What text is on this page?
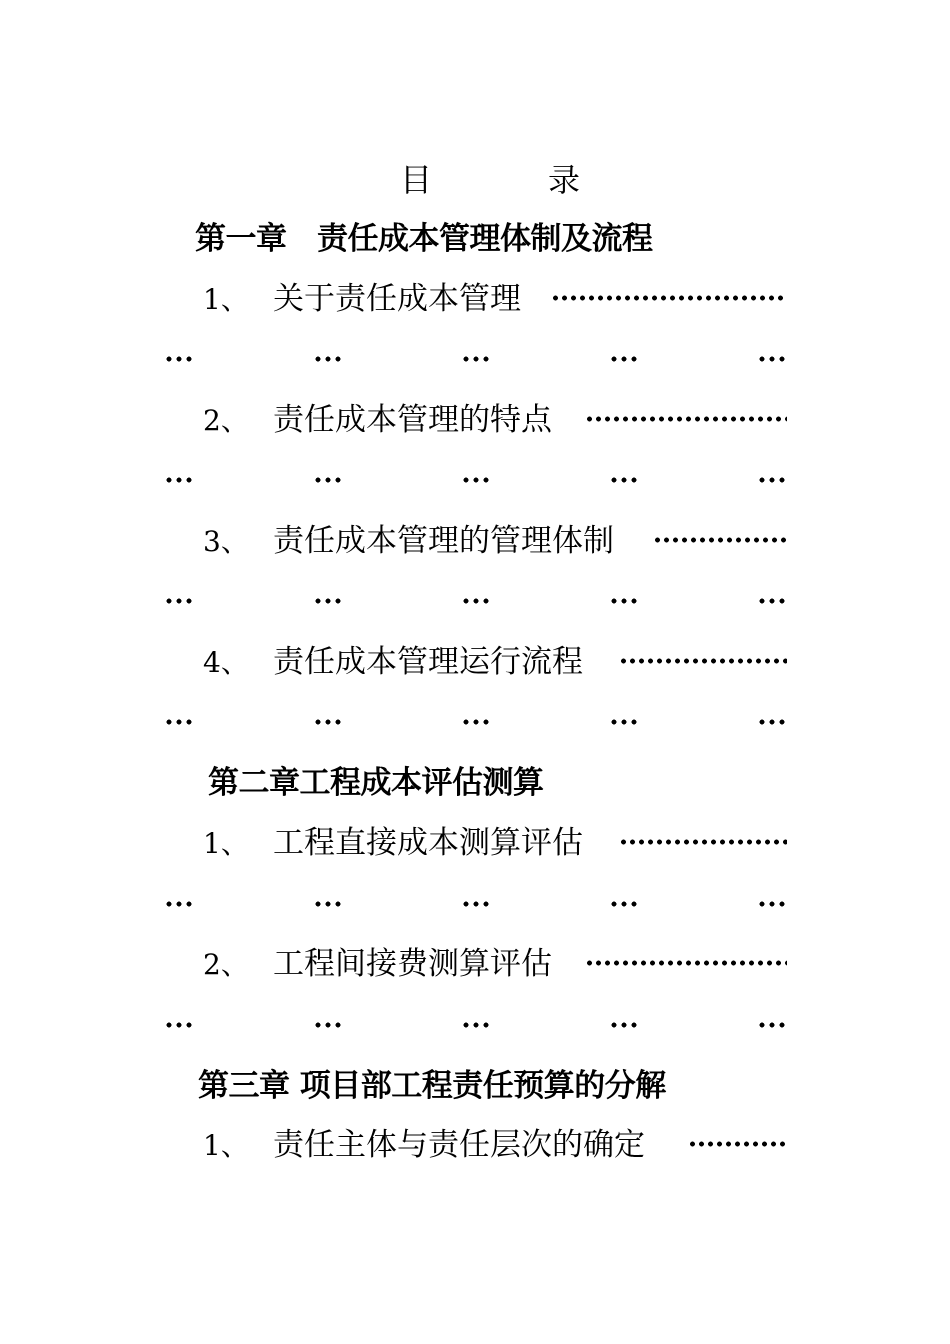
目	录
第一章　责任成本管理体制及流程
1、 关于责任成本管理
2、 责任成本管理的特点
3、 责任成本管理的管理体制
4、 责任成本管理运行流程
第二章工程成本评估测算
1、 工程直接成本测算评估
2、 工程间接费测算评估
第三章 项目部工程责任预算的分解
1、 责任主体与责任层次的确定
